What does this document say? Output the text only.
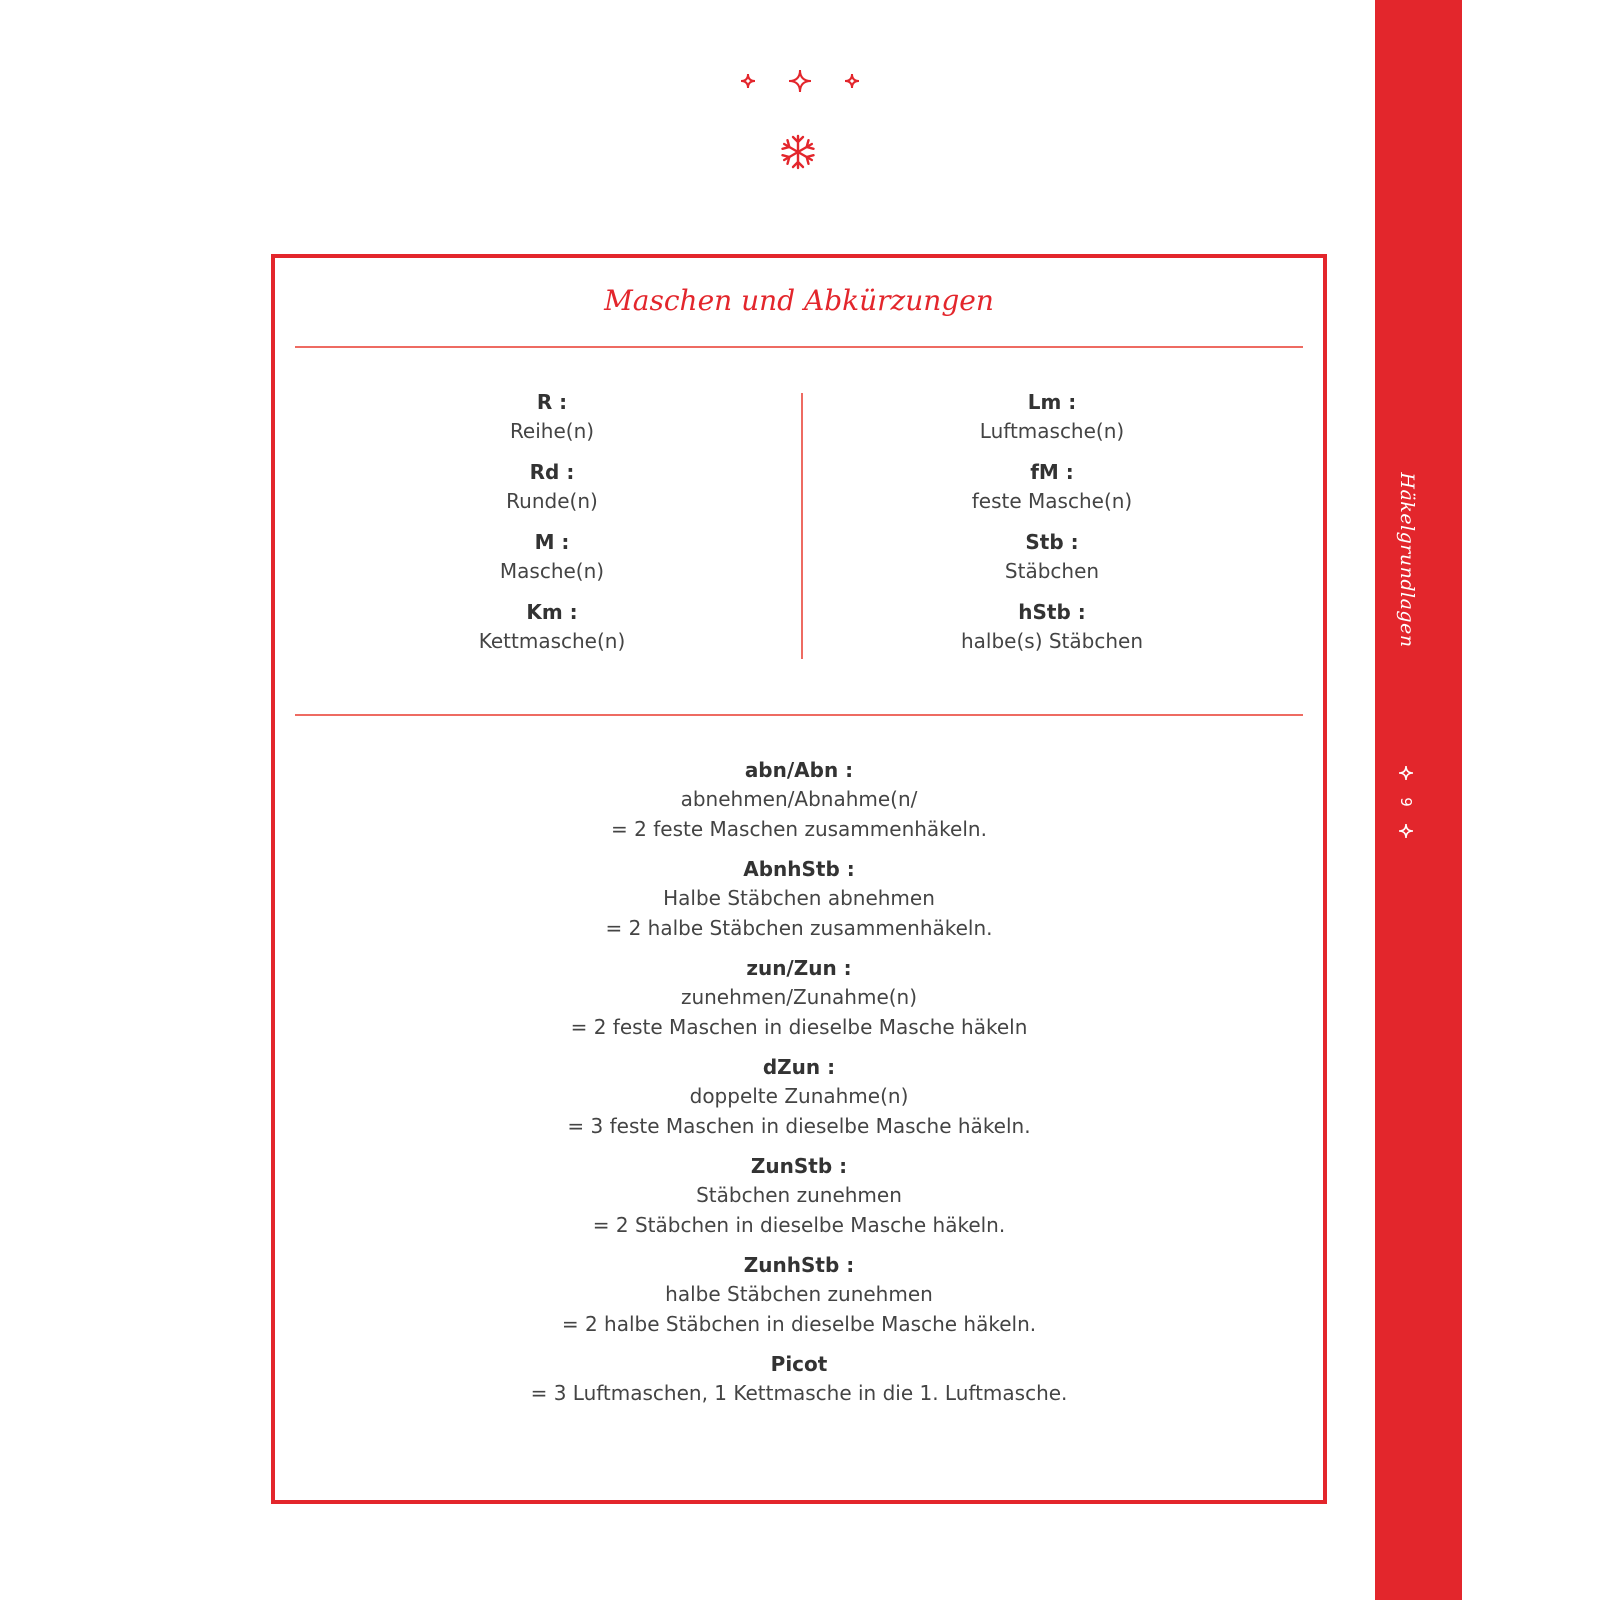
Häkelgrundlagen
9
Maschen und Abkürzungen
R :
Reihe(n)
Rd :
Runde(n)
M :
Masche(n)
Km :
Kettmasche(n)
Lm :
Luftmasche(n)
fM :
feste Masche(n)
Stb :
Stäbchen
hStb :
halbe(s) Stäbchen
abn/Abn :
abnehmen/Abnahme(n/
= 2 feste Maschen zusammenhäkeln.
AbnhStb :
Halbe Stäbchen abnehmen
= 2 halbe Stäbchen zusammenhäkeln.
zun/Zun :
zunehmen/Zunahme(n)
= 2 feste Maschen in dieselbe Masche häkeln
dZun :
doppelte Zunahme(n)
= 3 feste Maschen in dieselbe Masche häkeln.
ZunStb :
Stäbchen zunehmen
= 2 Stäbchen in dieselbe Masche häkeln.
ZunhStb :
halbe Stäbchen zunehmen
= 2 halbe Stäbchen in dieselbe Masche häkeln.
Picot
= 3 Luftmaschen, 1 Kettmasche in die 1. Luftmasche.
